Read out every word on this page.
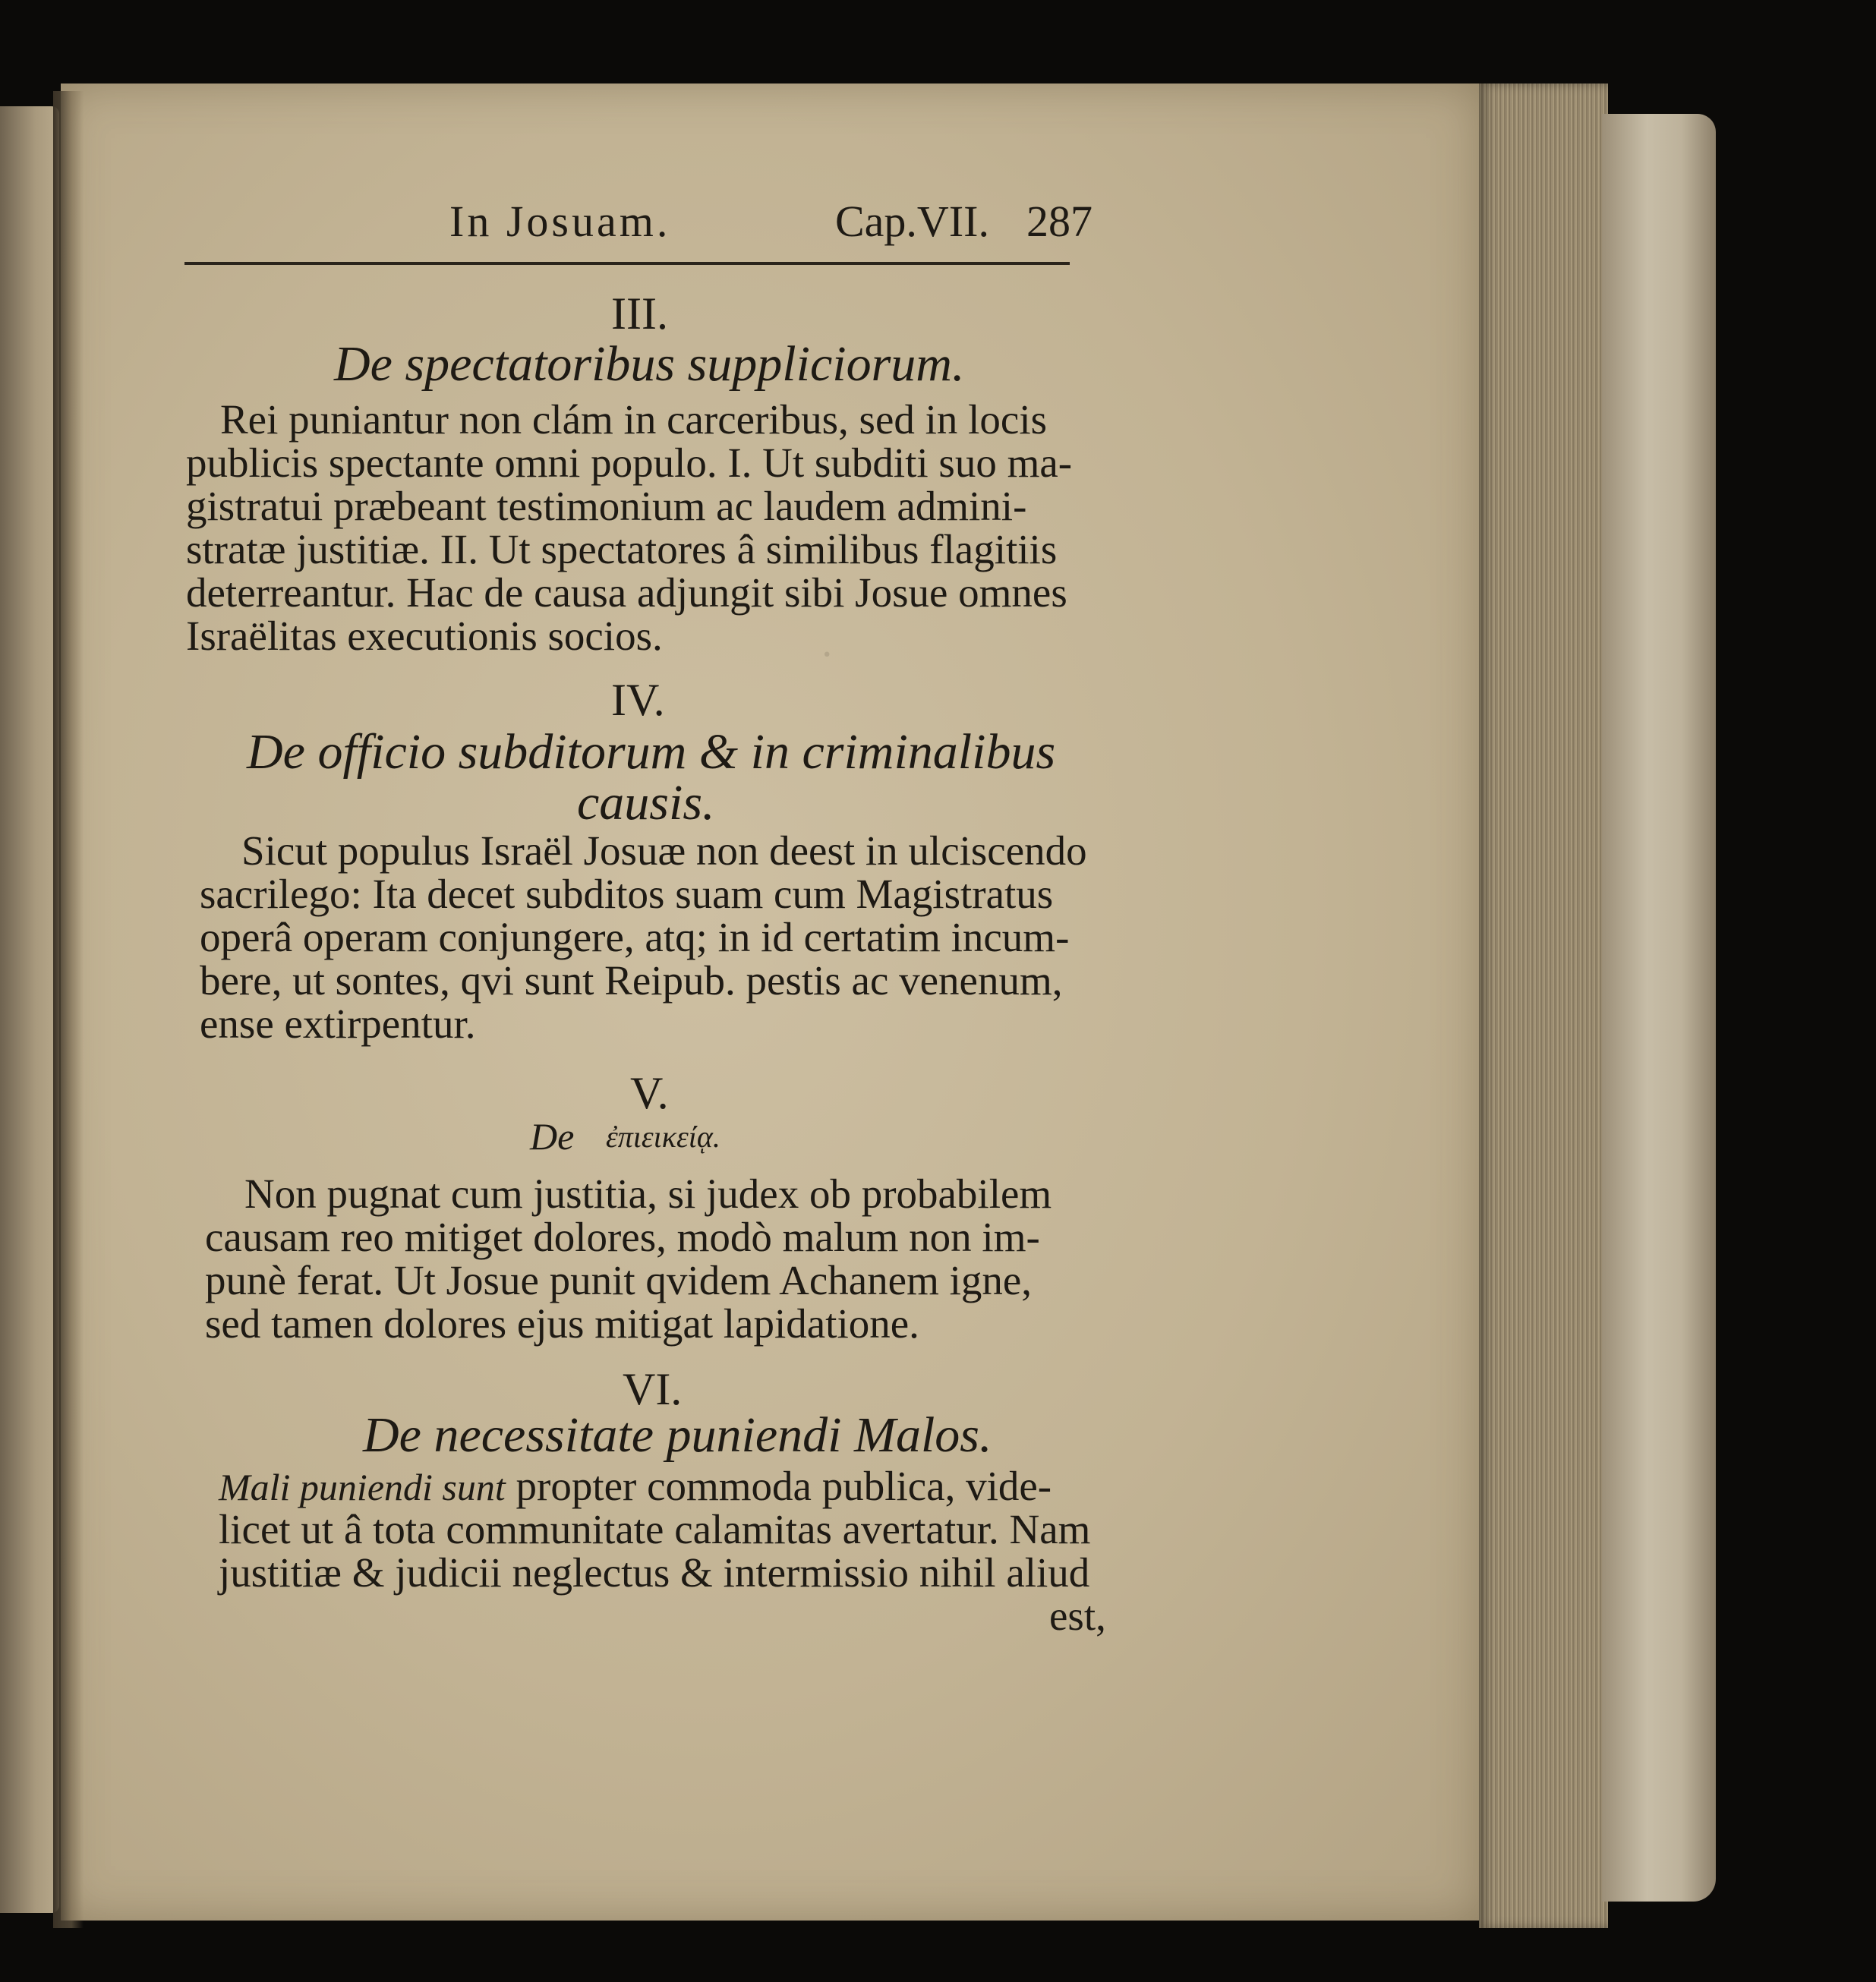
·
In Josuam.	Cap.VII. 287
III.
De spectatoribus suppliciorum.
Rei puniantur non clám in carceribus, sed in locis
publicis spectante omni populo. I. Ut subditi suo ma-
gistratui præbeant testimonium ac laudem admini-
stratæ justitiæ. II. Ut spectatores â similibus flagitiis
deterreantur. Hac de causa adjungit sibi Josue omnes
Israëlitas executionis socios.
IV.
De officio subditorum & in criminalibus
causis.
Sicut populus Israël Josuæ non deest in ulciscendo
sacrilego: Ita decet subditos suam cum Magistratus
operâ operam conjungere, atq; in id certatim incum-
bere, ut sontes, qvi sunt Reipub. pestis ac venenum,
ense extirpentur.
V.
De ἐπιεικείᾳ.
Non pugnat cum justitia, si judex ob probabilem
causam reo mitiget dolores, modò malum non im-
punè ferat. Ut Josue punit qvidem Achanem igne,
sed tamen dolores ejus mitigat lapidatione.
VI.
De necessitate puniendi Malos.
Mali puniendi sunt propter commoda publica, vide-
licet ut â tota communitate calamitas avertatur. Nam
justitiæ & judicii neglectus & intermissio nihil aliud
est,
